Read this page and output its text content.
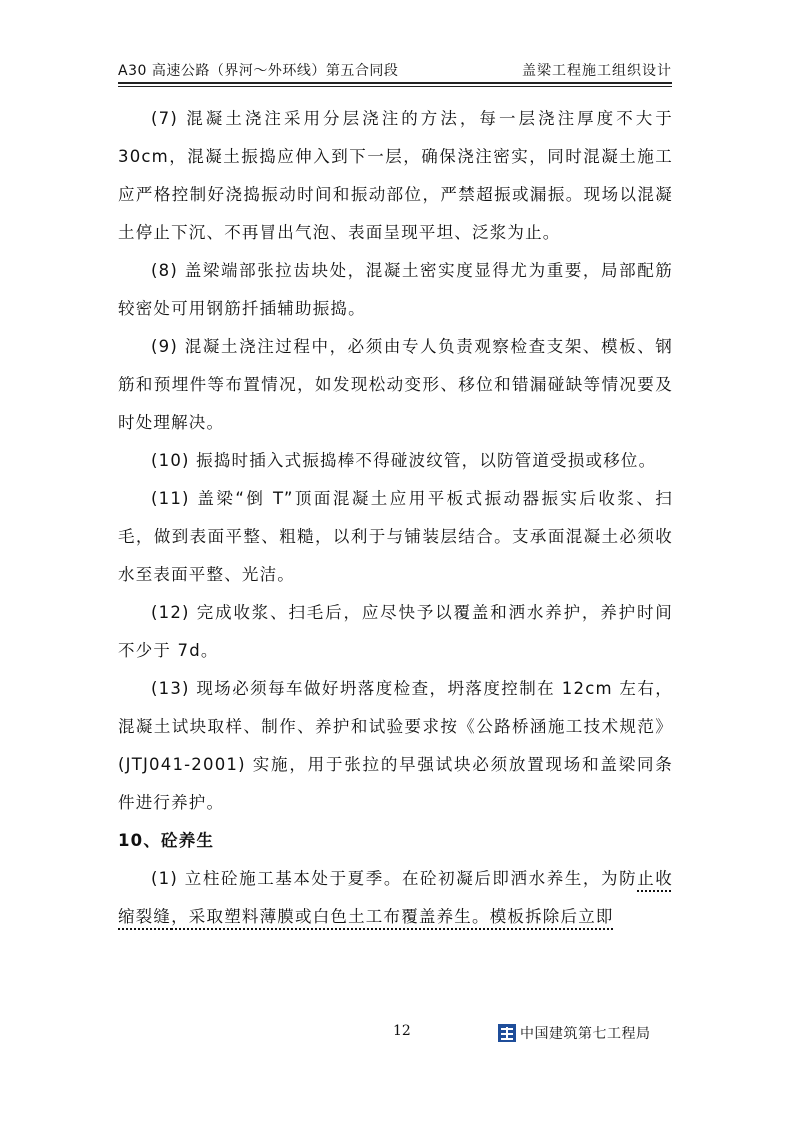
A30 高速公路（界河～外环线）第五合同段	盖梁工程施工组织设计

(7) 混凝土浇注采用分层浇注的方法，每一层浇注厚度不大于30cm，混凝土振捣应伸入到下一层，确保浇注密实，同时混凝土施工应严格控制好浇捣振动时间和振动部位，严禁超振或漏振。现场以混凝土停止下沉、不再冒出气泡、表面呈现平坦、泛浆为止。

(8) 盖梁端部张拉齿块处，混凝土密实度显得尤为重要，局部配筋较密处可用钢筋扦插辅助振捣。

(9) 混凝土浇注过程中，必须由专人负责观察检查支架、模板、钢筋和预埋件等布置情况，如发现松动变形、移位和错漏碰缺等情况要及时处理解决。

(10) 振捣时插入式振捣棒不得碰波纹管，以防管道受损或移位。

(11) 盖梁“倒 T”顶面混凝土应用平板式振动器振实后收浆、扫毛，做到表面平整、粗糙，以利于与铺装层结合。支承面混凝土必须收水至表面平整、光洁。

(12) 完成收浆、扫毛后，应尽快予以覆盖和洒水养护，养护时间不少于 7d。

(13) 现场必须每车做好坍落度检查，坍落度控制在 12cm 左右，混凝土试块取样、制作、养护和试验要求按《公路桥涵施工技术规范》(JTJ041-2001) 实施，用于张拉的早强试块必须放置现场和盖梁同条件进行养护。

10、砼养生

(1) 立柱砼施工基本处于夏季。在砼初凝后即洒水养生，为防止收缩裂缝，采取塑料薄膜或白色土工布覆盖养生。模板拆除后立即

12	中国建筑第七工程局
